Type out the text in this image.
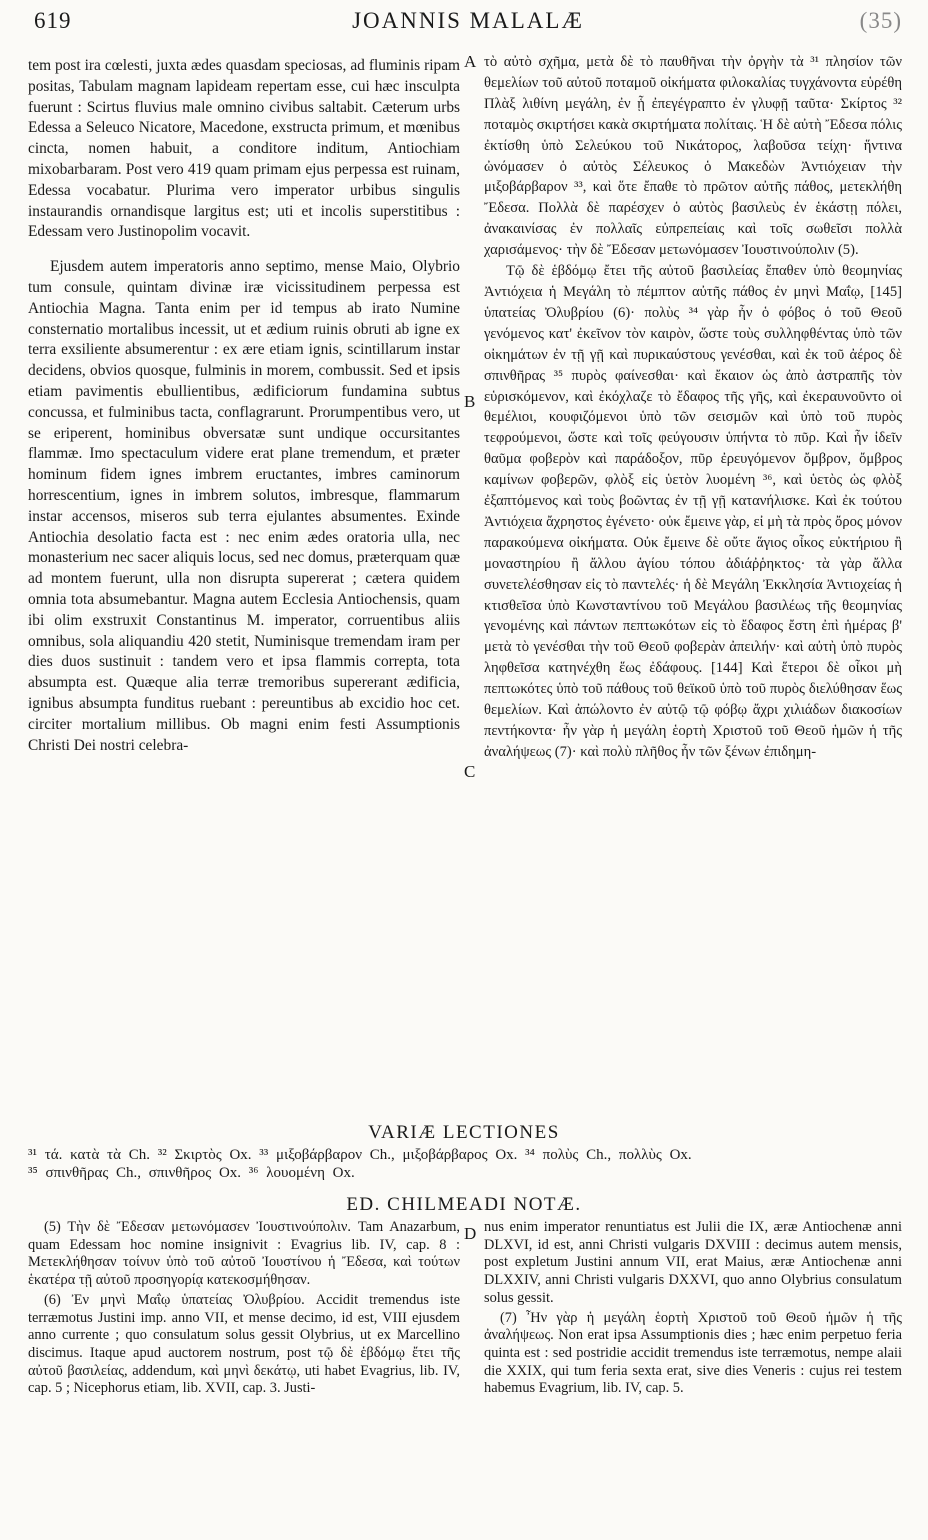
619	JOANNIS MALALÆ	(35)

tem post ira cœlesti, juxta ædes quasdam speciosas, ad fluminis ripam positas, Tabulam magnam lapideam repertam esse, cui hæc insculpta fuerunt : Scirtus fluvius male omnino civibus saltabit. Cæterum urbs Edessa a Seleuco Nicatore, Macedone, exstructa primum, et mœnibus cincta, nomen habuit, a conditore inditum, Antiochiam mixobarbaram. Post vero 419 quam primam ejus perpessa est ruinam, Edessa vocabatur. Plurima vero imperator urbibus singulis instaurandis ornandisque largitus est; uti et incolis superstitibus : Edessam vero Justinopolim vocavit.

Ejusdem autem imperatoris anno septimo, mense Maio, Olybrio tum consule, quintam divinæ iræ vicissitudinem perpessa est Antiochia Magna. Tanta enim per id tempus ab irato Numine consternatio mortalibus incessit, ut et ædium ruinis obruti ab igne ex terra exsiliente absumerentur : ex ære etiam ignis, scintillarum instar decidens, obvios quosque, fulminis in morem, combussit. Sed et ipsis etiam pavimentis ebullientibus, ædificiorum fundamina subtus concussa, et fulminibus tacta, conflagrarunt. Prorumpentibus vero, ut se eriperent, hominibus obversatæ sunt undique occursitantes flammæ. Imo spectaculum videre erat plane tremendum, et præter hominum fidem ignes imbrem eructantes, imbres caminorum horrescentium, ignes in imbrem solutos, imbresque, flammarum instar accensos, miseros sub terra ejulantes absumentes. Exinde Antiochia desolatio facta est : nec enim ædes oratoria ulla, nec monasterium nec sacer aliquis locus, sed nec domus, præterquam quæ ad montem fuerunt, ulla non disrupta supererat ; cætera quidem omnia tota absumebantur. Magna autem Ecclesia Antiochensis, quam ibi olim exstruxit Constantinus M. imperator, corruentibus aliis omnibus, sola aliquandiu 420 stetit, Numinisque tremendam iram per dies duos sustinuit : tandem vero et ipsa flammis correpta, tota absumpta est. Quæque alia terræ tremoribus supererant ædificia, ignibus absumpta funditus ruebant : pereuntibus ab excidio hoc cet. circiter mortalium millibus. Ob magni enim festi Assumptionis Christi Dei nostri celebra-

A
B
C
D

τὸ αὐτὸ σχῆμα, μετὰ δὲ τὸ παυθῆναι τὴν ὀργὴν τὰ ³¹ πλησίον τῶν θεμελίων τοῦ αὐτοῦ ποταμοῦ οἰκήματα φιλοκαλίας τυγχάνοντα εὑρέθη Πλὰξ λιθίνη μεγάλη, ἐν ᾗ ἐπεγέγραπτο ἐν γλυφῇ ταῦτα· Σκίρτος ³² ποταμὸς σκιρτήσει κακὰ σκιρτήματα πολίταις. Ἡ δὲ αὐτὴ Ἔδεσα πόλις ἐκτίσθη ὑπὸ Σελεύκου τοῦ Νικάτορος, λαβοῦσα τείχη· ἥντινα ὠνόμασεν ὁ αὐτὸς Σέλευκος ὁ Μακεδὼν Ἀντιόχειαν τὴν μιξοβάρβαρον ³³, καὶ ὅτε ἔπαθε τὸ πρῶτον αὐτῆς πάθος, μετεκλήθη Ἔδεσα. Πολλὰ δὲ παρέσχεν ὁ αὐτὸς βασιλεὺς ἐν ἑκάστῃ πόλει, ἀνακαινίσας ἐν πολλαῖς εὐπρεπείαις καὶ τοῖς σωθεῖσι πολλὰ χαρισάμενος· τὴν δὲ Ἔδεσαν μετωνόμασεν Ἰουστινούπολιν (5).

Τῷ δὲ ἑβδόμῳ ἔτει τῆς αὐτοῦ βασιλείας ἔπαθεν ὑπὸ θεομηνίας Ἀντιόχεια ἡ Μεγάλη τὸ πέμπτον αὐτῆς πάθος ἐν μηνὶ Μαΐῳ, [145] ὑπατείας Ὀλυβρίου (6)· πολὺς ³⁴ γὰρ ἦν ὁ φόβος ὁ τοῦ Θεοῦ γενόμενος κατ' ἐκεῖνον τὸν καιρὸν, ὥστε τοὺς συλληφθέντας ὑπὸ τῶν οἰκημάτων ἐν τῇ γῇ καὶ πυρικαύστους γενέσθαι, καὶ ἐκ τοῦ ἀέρος δὲ σπινθῆρας ³⁵ πυρὸς φαίνεσθαι· καὶ ἔκαιον ὡς ἀπὸ ἀστραπῆς τὸν εὑρισκόμενον, καὶ ἐκόχλαζε τὸ ἔδαφος τῆς γῆς, καὶ ἐκεραυνοῦντο οἱ θεμέλιοι, κουφιζόμενοι ὑπὸ τῶν σεισμῶν καὶ ὑπὸ τοῦ πυρὸς τεφρούμενοι, ὥστε καὶ τοῖς φεύγουσιν ὑπήντα τὸ πῦρ. Καὶ ἦν ἰδεῖν θαῦμα φοβερὸν καὶ παράδοξον, πῦρ ἐρευγόμενον ὄμβρον, ὄμβρος καμίνων φοβερῶν, φλὸξ εἰς ὑετὸν λυομένη ³⁶, καὶ ὑετὸς ὡς φλὸξ ἐξαπτόμενος καὶ τοὺς βοῶντας ἐν τῇ γῇ κατανήλισκε. Καὶ ἐκ τούτου Ἀντιόχεια ἄχρηστος ἐγένετο· οὐκ ἔμεινε γὰρ, εἰ μὴ τὰ πρὸς ὄρος μόνον παρακούμενα οἰκήματα. Οὐκ ἔμεινε δὲ οὔτε ἅγιος οἶκος εὐκτήριου ἢ μοναστηρίου ἢ ἄλλου ἁγίου τόπου ἀδιάῤῥηκτος· τὰ γὰρ ἄλλα συνετελέσθησαν εἰς τὸ παντελές· ἡ δὲ Μεγάλη Ἐκκλησία Ἀντιοχείας ἡ κτισθεῖσα ὑπὸ Κωνσταντίνου τοῦ Μεγάλου βασιλέως τῆς θεομηνίας γενομένης καὶ πάντων πεπτωκότων εἰς τὸ ἔδαφος ἔστη ἐπὶ ἡμέρας β' μετὰ τὸ γενέσθαι τὴν τοῦ Θεοῦ φοβερὰν ἀπειλήν· καὶ αὐτὴ ὑπὸ πυρὸς ληφθεῖσα κατηνέχθη ἕως ἐδάφους. [144] Καὶ ἕτεροι δὲ οἶκοι μὴ πεπτωκότες ὑπὸ τοῦ πάθους τοῦ θεϊκοῦ ὑπὸ τοῦ πυρὸς διελύθησαν ἕως θεμελίων. Καὶ ἀπώλοντο ἐν αὐτῷ τῷ φόβῳ ἄχρι χιλιάδων διακοσίων πεντήκοντα· ἦν γὰρ ἡ μεγάλη ἑορτὴ Χριστοῦ τοῦ Θεοῦ ἡμῶν ἡ τῆς ἀναλήψεως (7)· καὶ πολὺ πλῆθος ἦν τῶν ξένων ἐπιδημη-

VARIÆ LECTIONES
³¹ τά. κατὰ τὰ Ch. ³² Σκιρτὸς Ox. ³³ μιξοβάρβαρον Ch., μιξοβάρβαρος Ox. ³⁴ πολὺς Ch., πολλὺς Ox.
³⁵ σπινθῆρας Ch., σπινθῆρος Ox. ³⁶ λουομένη Ox.
ED. CHILMEADI NOTÆ.

(5) Τὴν δὲ Ἔδεσαν μετωνόμασεν Ἰουστινούπολιν. Tam Anazarbum, quam Edessam hoc nomine insignivit : Evagrius lib. IV, cap. 8 : Μετεκλήθησαν τοίνυν ὑπὸ τοῦ αὐτοῦ Ἰουστίνου ἡ Ἔδεσα, καὶ τούτων ἑκατέρα τῇ αὐτοῦ προσηγορίᾳ κατεκοσμήθησαν.

(6) Ἐν μηνὶ Μαΐῳ ὑπατείας Ὀλυβρίου. Accidit tremendus iste terræmotus Justini imp. anno VII, et mense decimo, id est, VIII ejusdem anno currente ; quo consulatum solus gessit Olybrius, ut ex Marcellino discimus. Itaque apud auctorem nostrum, post τῷ δὲ ἑβδόμῳ ἔτει τῆς αὐτοῦ βασιλείας, addendum, καὶ μηνὶ δεκάτῳ, uti habet Evagrius, lib. IV, cap. 5 ; Nicephorus etiam, lib. XVII, cap. 3. Justi-

nus enim imperator renuntiatus est Julii die IX, æræ Antiochenæ anni DLXVI, id est, anni Christi vulgaris DXVIII : decimus autem mensis, post expletum Justini annum VII, erat Maius, æræ Antiochenæ anni DLXXIV, anni Christi vulgaris DXXVI, quo anno Olybrius consulatum solus gessit.

(7) Ἦν γὰρ ἡ μεγάλη ἑορτὴ Χριστοῦ τοῦ Θεοῦ ἡμῶν ἡ τῆς ἀναλήψεως. Non erat ipsa Assumptionis dies ; hæc enim perpetuo feria quinta est : sed postridie accidit tremendus iste terræmotus, nempe alaii die XXIX, qui tum feria sexta erat, sive dies Veneris : cujus rei testem habemus Evagrium, lib. IV, cap. 5.
